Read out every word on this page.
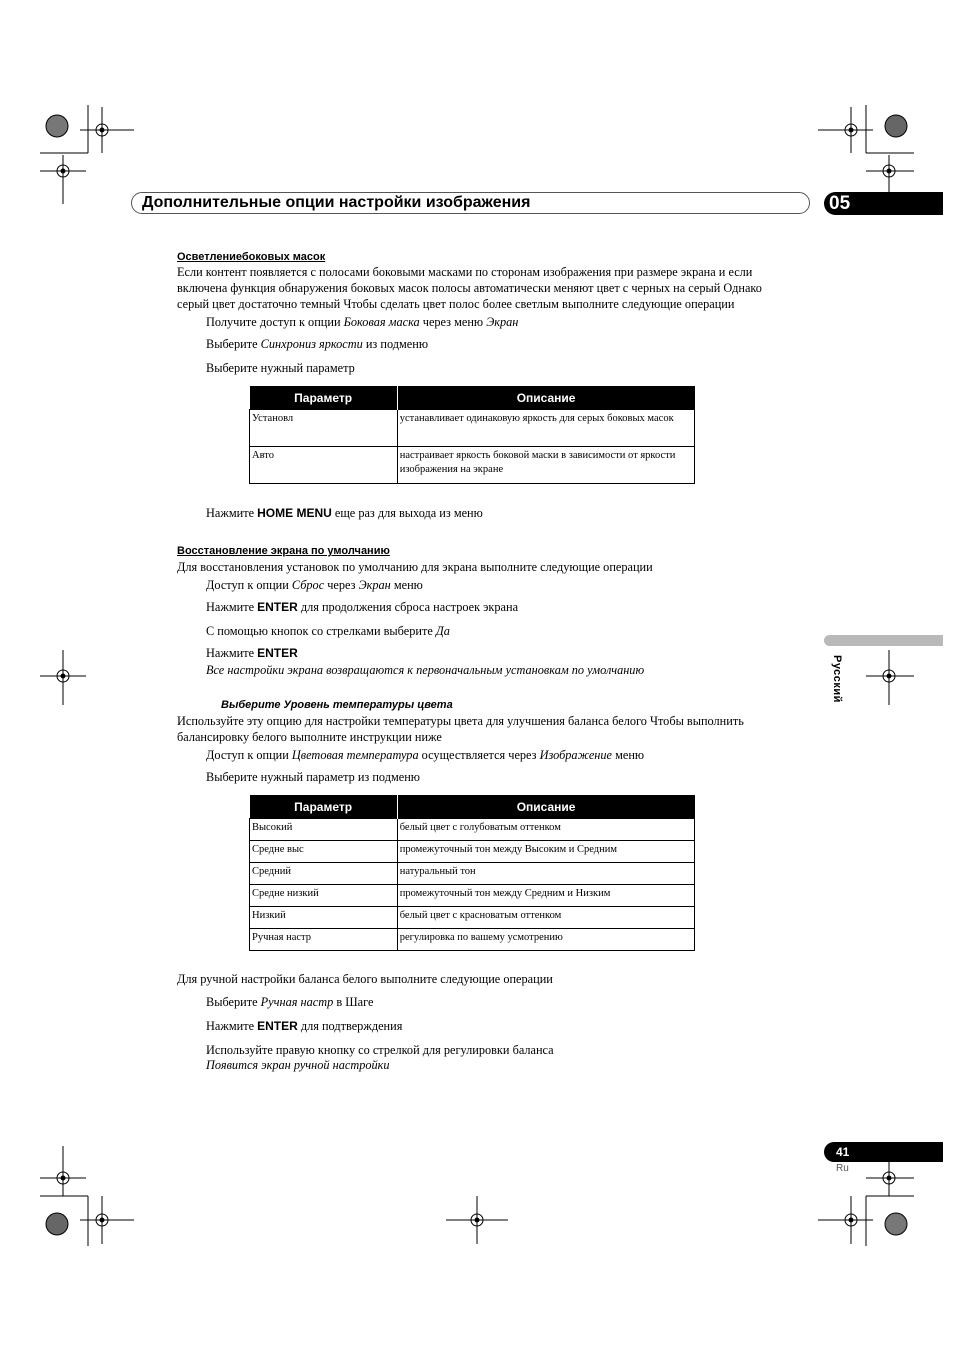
Дополнительные опции настройки изображения	05
Русский
Осветлениебоковых масок
Если контент появляется с полосами боковыми масками по сторонам изображения при размере экрана и если
включена функция обнаружения боковых масок полосы автоматически меняют цвет с черных на серый Однако
серый цвет достаточно темный Чтобы сделать цвет полос более светлым выполните следующие операции
Получите доступ к опции Боковая маска через меню Экран
Выберите Синхрониз яркости из подменю
Выберите нужный параметр
Параметр	Описание
Установл	устанавливает одинаковую яркость для серых боковых масок
Авто	настраивает яркость боковой маски в зависимости от яркости изображения на экране
Нажмите HOME MENU еще раз для выхода из меню
Восстановление экрана по умолчанию
Для восстановления установок по умолчанию для экрана выполните следующие операции
Доступ к опции Сброс через Экран меню
Нажмите ENTER для продолжения сброса настроек экрана
С помощью кнопок со стрелками выберите Да
Нажмите ENTER
Все настройки экрана возвращаются к первоначальным установкам по умолчанию
Выберите Уровень температуры цвета
Используйте эту опцию для настройки температуры цвета для улучшения баланса белого Чтобы выполнить
балансировку белого выполните инструкции ниже
Доступ к опции Цветовая температура осуществляется через Изображение меню
Выберите нужный параметр из подменю
Параметр	Описание
Высокий	белый цвет с голубоватым оттенком
Средне выс	промежуточный тон между Высоким и Средним
Средний	натуральный тон
Средне низкий	промежуточный тон между Средним и Низким
Низкий	белый цвет с красноватым оттенком
Ручная настр	регулировка по вашему усмотрению
Для ручной настройки баланса белого выполните следующие операции
Выберите Ручная настр в Шаге
Нажмите ENTER для подтверждения
Используйте правую кнопку со стрелкой для регулировки баланса
Появится экран ручной настройки
41
Ru
